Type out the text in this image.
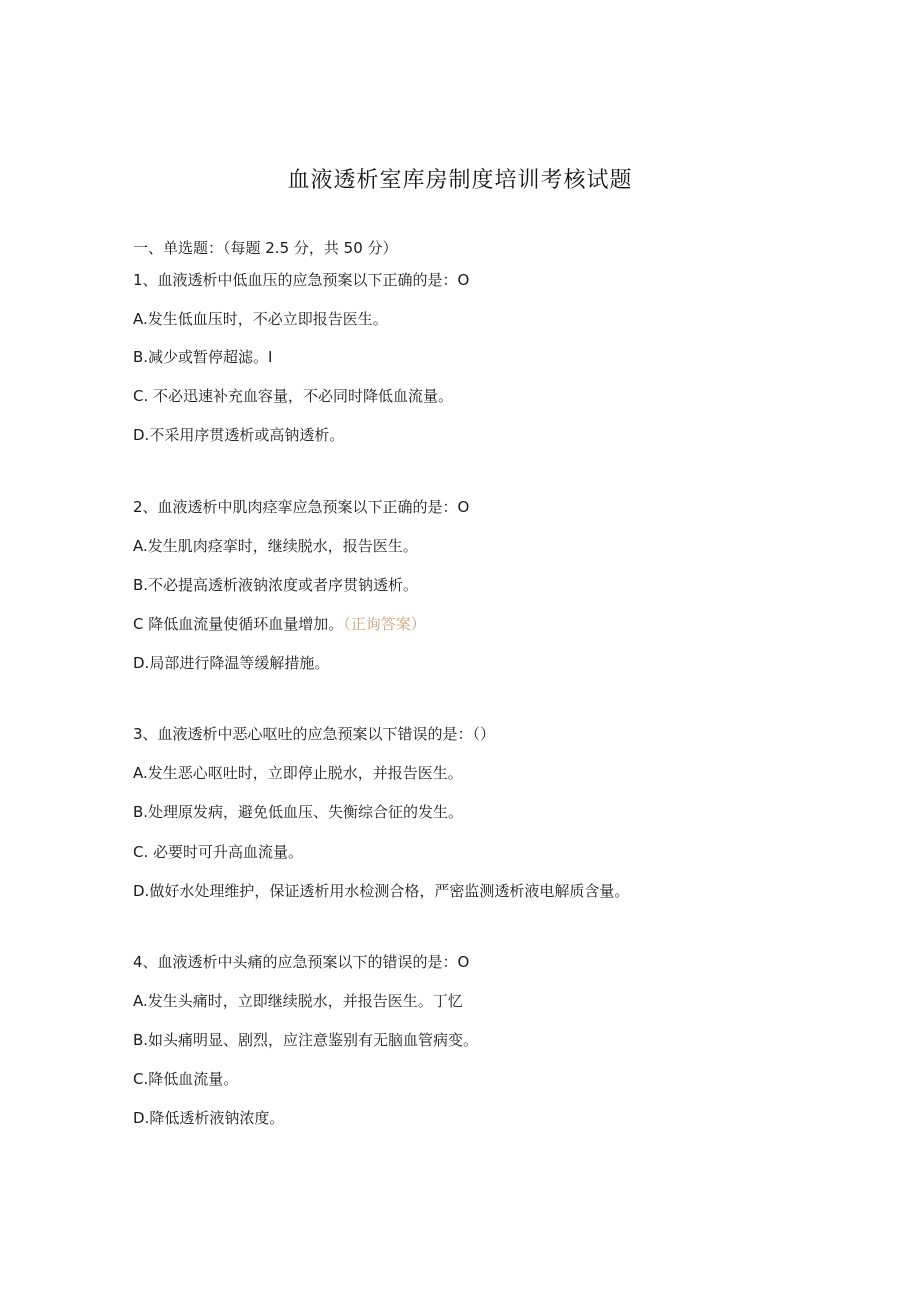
血液透析室库房制度培训考核试题
一、单选题：（每题 2.5 分，共 50 分）
1、血液透析中低血压的应急预案以下正确的是：O
A.发生低血压时，不必立即报告医生。
B.减少或暂停超滤。I
C. 不必迅速补充血容量，不必同时降低血流量。
D.不采用序贯透析或高钠透析。
2、血液透析中肌肉痉挛应急预案以下正确的是：O
A.发生肌肉痉挛时，继续脱水，报告医生。
B.不必提高透析液钠浓度或者序贯钠透析。
C 降低血流量使循环血量增加。（正询答案）
D.局部进行降温等缓解措施。
3、血液透析中恶心呕吐的应急预案以下错误的是：（）
A.发生恶心呕吐时，立即停止脱水，并报告医生。
B.处理原发病，避免低血压、失衡综合征的发生。
C. 必要时可升高血流量。
D.做好水处理维护，保证透析用水检测合格，严密监测透析液电解质含量。
4、血液透析中头痛的应急预案以下的错误的是：O
A.发生头痛时，立即继续脱水，并报告医生。丁忆
B.如头痛明显、剧烈，应注意鉴别有无脑血管病变。
C.降低血流量。
D.降低透析液钠浓度。
